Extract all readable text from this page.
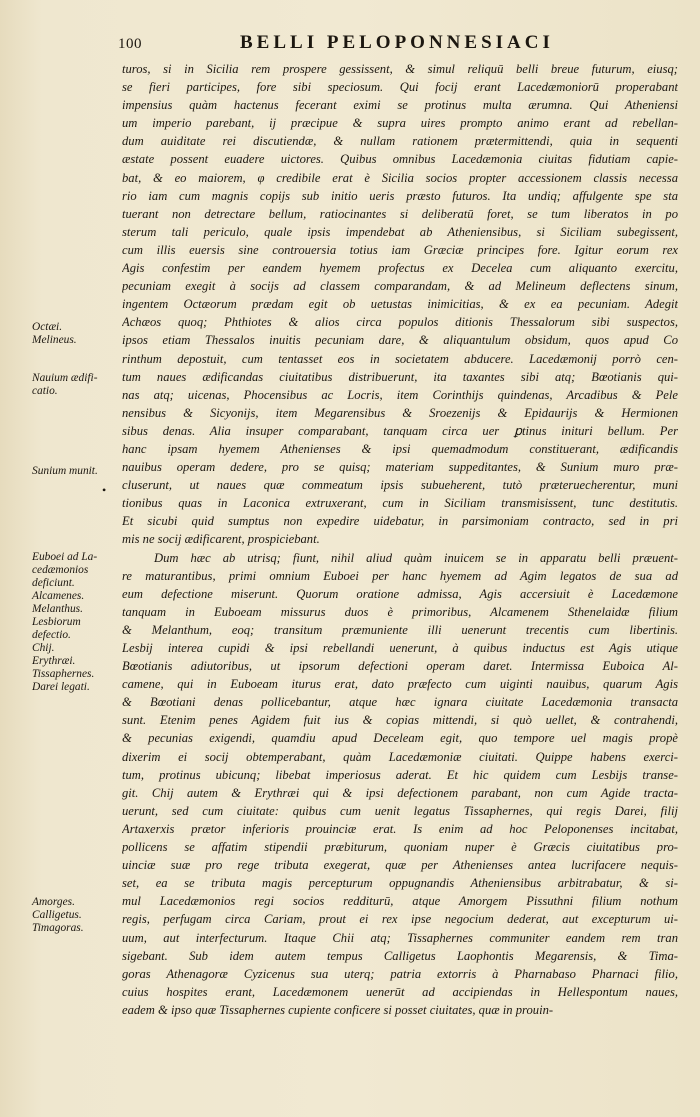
100	BELLI PELOPONNESIACI
Octæi.
Melineus.
Nauium ædifi-
catio.
Sunium munit.
•
Euboei ad La-
cedæmonios
deficiunt.
Alcamenes.
Melanthus.
Lesbiorum
defectio.
Chij.
Erythræi.
Tissaphernes.
Darei legati.
Amorges.
Calligetus.
Timagoras.
turos, si in Sicilia rem prospere gessissent, & simul reliquū belli breue futurum, eiusq;
se fieri participes, fore sibi speciosum. Qui focij erant Lacedæmoniorū properabant
impensius quàm hactenus fecerant eximi se protinus multa ærumna. Qui Atheniensi
um imperio parebant, ij præcipue & supra uires prompto animo erant ad rebellan-
dum auiditate rei discutiendæ, & nullam rationem prætermittendi, quia in sequenti
æstate possent euadere uictores. Quibus omnibus Lacedæmonia ciuitas fidutiam capie-
bat, & eo maiorem, φ credibile erat è Sicilia socios propter accessionem classis necessa
rio iam cum magnis copijs sub initio ueris præsto futuros. Ita undiq; affulgente spe sta
tuerant non detrectare bellum, ratiocinantes si deliberatū foret, se tum liberatos in po
sterum tali periculo, quale ipsis impendebat ab Atheniensibus, si Siciliam subegissent,
cum illis euersis sine controuersia totius iam Græciæ principes fore. Igitur eorum rex
Agis confestim per eandem hyemem profectus ex Decelea cum aliquanto exercitu,
pecuniam exegit à socijs ad classem comparandam, & ad Melineum deflectens sinum,
ingentem Octæorum prædam egit ob uetustas inimicitias, & ex ea pecuniam. Adegit
Achæos quoq; Phthiotes & alios circa populos ditionis Thessalorum sibi suspectos,
ipsos etiam Thessalos inuitis pecuniam dare, & aliquantulum obsidum, quos apud Co
rinthum depostuit, cum tentasset eos in societatem abducere. Lacedæmonij porrò cen-
tum naues ædificandas ciuitatibus distribuerunt, ita taxantes sibi atq; Bœotianis qui-
nas atq; uicenas, Phocensibus ac Locris, item Corinthijs quindenas, Arcadibus & Pele
nensibus & Sicyonijs, item Megarensibus & Sroezenijs & Epidaurijs & Hermionen
sibus denas. Alia insuper comparabant, tanquam circa uer ꝑtinus inituri bellum. Per
hanc ipsam hyemem Athenienses & ipsi quemadmodum constituerant, ædificandis
nauibus operam dedere, pro se quisq; materiam suppeditantes, & Sunium muro præ-
cluserunt, ut naues quæ commeatum ipsis subueherent, tutò præteruecherentur, muni
tionibus quas in Laconica extruxerant, cum in Siciliam transmisissent, tunc destitutis.
Et sicubi quid sumptus non expedire uidebatur, in parsimoniam contracto, sed in pri
mis ne socij ædificarent, prospiciebant.
Dum hæc ab utrisq; fiunt, nihil aliud quàm inuicem se in apparatu belli præuent-
re maturantibus, primi omnium Euboei per hanc hyemem ad Agim legatos de sua ad
eum defectione miserunt. Quorum oratione admissa, Agis accersiuit è Lacedæmone
tanquam in Euboeam missurus duos è primoribus, Alcamenem Sthenelaidæ filium
& Melanthum, eoq; transitum præmuniente illi uenerunt trecentis cum libertinis.
Lesbij interea cupidi & ipsi rebellandi uenerunt, à quibus inductus est Agis utique
Bœotianis adiutoribus, ut ipsorum defectioni operam daret. Intermissa Euboica Al-
camene, qui in Euboeam iturus erat, dato præfecto cum uiginti nauibus, quarum Agis
& Bœotiani denas pollicebantur, atque hæc ignara ciuitate Lacedæmonia transacta
sunt. Etenim penes Agidem fuit ius & copias mittendi, si quò uellet, & contrahendi,
& pecunias exigendi, quamdiu apud Deceleam egit, quo tempore uel magis propè
dixerim ei socij obtemperabant, quàm Lacedæmoniæ ciuitati. Quippe habens exerci-
tum, protinus ubicunq; libebat imperiosus aderat. Et hic quidem cum Lesbijs transe-
git. Chij autem & Erythræi qui & ipsi defectionem parabant, non cum Agide tracta-
uerunt, sed cum ciuitate: quibus cum uenit legatus Tissaphernes, qui regis Darei, filij
Artaxerxis prætor inferioris prouinciæ erat. Is enim ad hoc Peloponenses incitabat,
pollicens se affatim stipendii præbiturum, quoniam nuper è Græcis ciuitatibus pro-
uinciæ suæ pro rege tributa exegerat, quæ per Athenienses antea lucrifacere nequis-
set, ea se tributa magis percepturum oppugnandis Atheniensibus arbitrabatur, & si-
mul Lacedæmonios regi socios redditurū, atque Amorgem Pissuthni filium nothum
regis, perfugam circa Cariam, prout ei rex ipse negocium dederat, aut excepturum ui-
uum, aut interfecturum. Itaque Chii atq; Tissaphernes communiter eandem rem tran
sigebant. Sub idem autem tempus Calligetus Laophontis Megarensis, & Tima-
goras Athenagoræ Cyzicenus sua uterq; patria extorris à Pharnabaso Pharnaci filio,
cuius hospites erant, Lacedæmonem uenerūt ad accipiendas in Hellespontum naues,
eadem & ipso quæ Tissaphernes cupiente conficere si posset ciuitates, quæ in prouin-
